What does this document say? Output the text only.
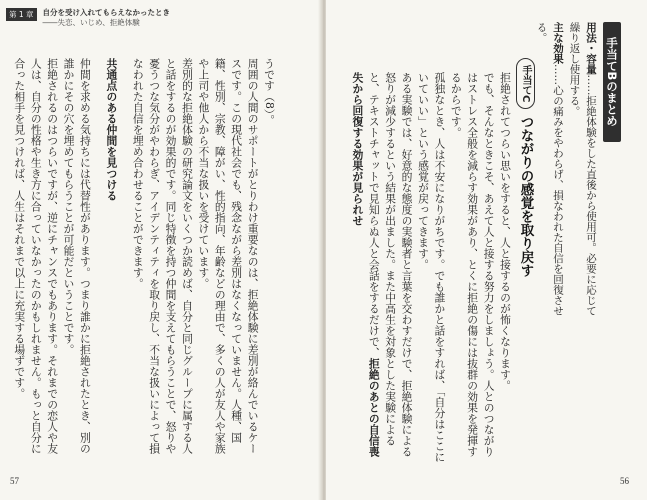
第 1 章	自分を受け入れてもらえなかったとき
――失恋、いじめ、拒絶体験

うです（8）。

周囲の人間のサポートがとりわけ重要なのは、拒絶体験に差別が絡んでいるケースです。この現代社会でも、残念ながら差別はなくなっていません。人種、国籍、性別、宗教、障がい、性的指向、年齢などの理由で、多くの人が友人や家族や上司や他人から不当な扱いを受けています。

差別的な拒絶体験の研究論文をいくつか読めば、自分と同じグループに属する人と話をするのが効果的です。同じ特徴を持つ仲間を支えてもらうことで、怒りや憂うつな気分がやわらぎ、アイデンティティを取り戻し、不当な扱いによって損なわれた自信を埋め合わせることができます。

共通点のある仲間を見つける

仲間を求める気持ちには代替性があります。つまり誰かに拒絶されたとき、別の誰かにその穴を埋めてもらうことが可能だということです。

拒絶されるのはつらいですが、逆にチャンスでもあります。それまでの恋人や友人は、自分の性格や生き方に合っていなかったのかもしれません。もっと自分に合った相手を見つければ、人生はそれまで以上に充実する場ずです。

57
手当てBのまとめ
用法・容量……拒絶体験をした直後から使用可。必要に応じて繰り返し使用する。
主な効果……心の痛みをやわらげ、損なわれた自信を回復させる。
手当てC
つながりの感覚を取り戻す

拒絶されてつらい思いをすると、人と接するのが怖くなります。

でも、そんなときこそ、あえて人と接する努力をしましょう。人とのつながりはストレス全般を減らす効果があり、とくに拒絶の傷には抜群の効果を発揮するからです。

孤独なとき、人は不安になりがちです。でも誰かと話をすれば、「自分はここにいていい」という感覚が戻ってきます。

ある実験では、好意的な態度の実験者と言葉を交わすだけで、拒絶体験による怒りが減少するという結果が出ました。また中高生を対象とした実験によると、テキストチャットで見知らぬ人と会話をするだけで、拒絶のあとの自信喪失から回復する効果が見られせ

56
